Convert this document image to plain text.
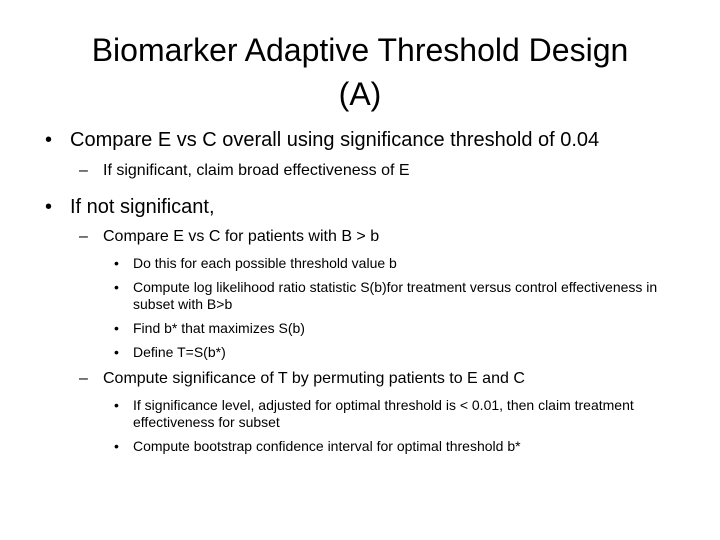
Biomarker Adaptive Threshold Design
(A)
• Compare E vs C overall using significance threshold of 0.04
– If significant, claim broad effectiveness of E
• If not significant,
– Compare E vs C for patients with B > b
• Do this for each possible threshold value b
• Compute log likelihood ratio statistic S(b)for treatment versus control effectiveness in subset with B>b
• Find b* that maximizes S(b)
• Define T=S(b*)
– Compute significance of T by permuting patients to E and C
• If significance level, adjusted for optimal threshold is < 0.01, then claim treatment effectiveness for subset
• Compute bootstrap confidence interval for optimal threshold b*
